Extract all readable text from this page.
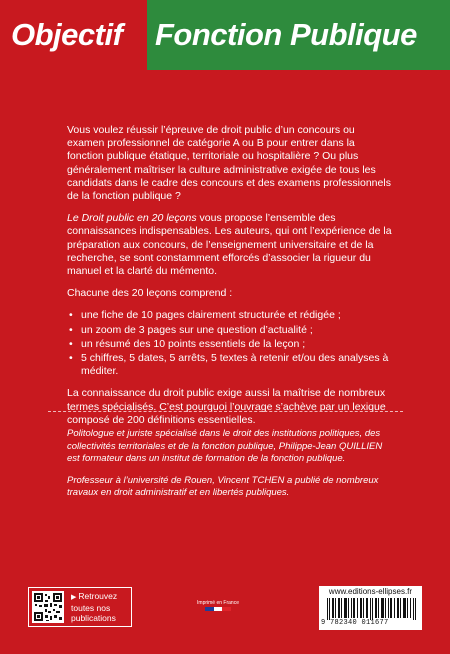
Objectif	Fonction Publique

Vous voulez réussir l’épreuve de droit public d’un concours ou examen professionnel de catégorie A ou B pour entrer dans la fonction publique étatique, territoriale ou hospitalière ? Ou plus généralement maîtriser la culture administrative exigée de tous les candidats dans le cadre des concours et des examens professionnels de la fonction publique ?

Le Droit public en 20 leçons vous propose l’ensemble des connaissances indispensables. Les auteurs, qui ont l’expérience de la préparation aux concours, de l’enseignement universitaire et de la recherche, se sont constamment efforcés d’associer la rigueur du manuel et la clarté du mémento.

Chacune des 20 leçons comprend :

• une fiche de 10 pages clairement structurée et rédigée ;
• un zoom de 3 pages sur une question d’actualité ;
• un résumé des 10 points essentiels de la leçon ;
• 5 chiffres, 5 dates, 5 arrêts, 5 textes à retenir et/ou des analyses à méditer.

La connaissance du droit public exige aussi la maîtrise de nombreux termes spécialisés. C’est pourquoi l’ouvrage s’achève par un lexique composé de 200 définitions essentielles.

Politologue et juriste spécialisé dans le droit des institutions politiques, des collectivités territoriales et de la fonction publique, Philippe-Jean QUILLIEN est formateur dans un institut de formation de la fonction publique.

Professeur à l’université de Rouen, Vincent TCHEN a publié de nombreux travaux en droit administratif et en libertés publiques.

▶ Retrouvez toutes nos publications
Imprimé en France
www.editions-ellipses.fr
9 782340 011677
